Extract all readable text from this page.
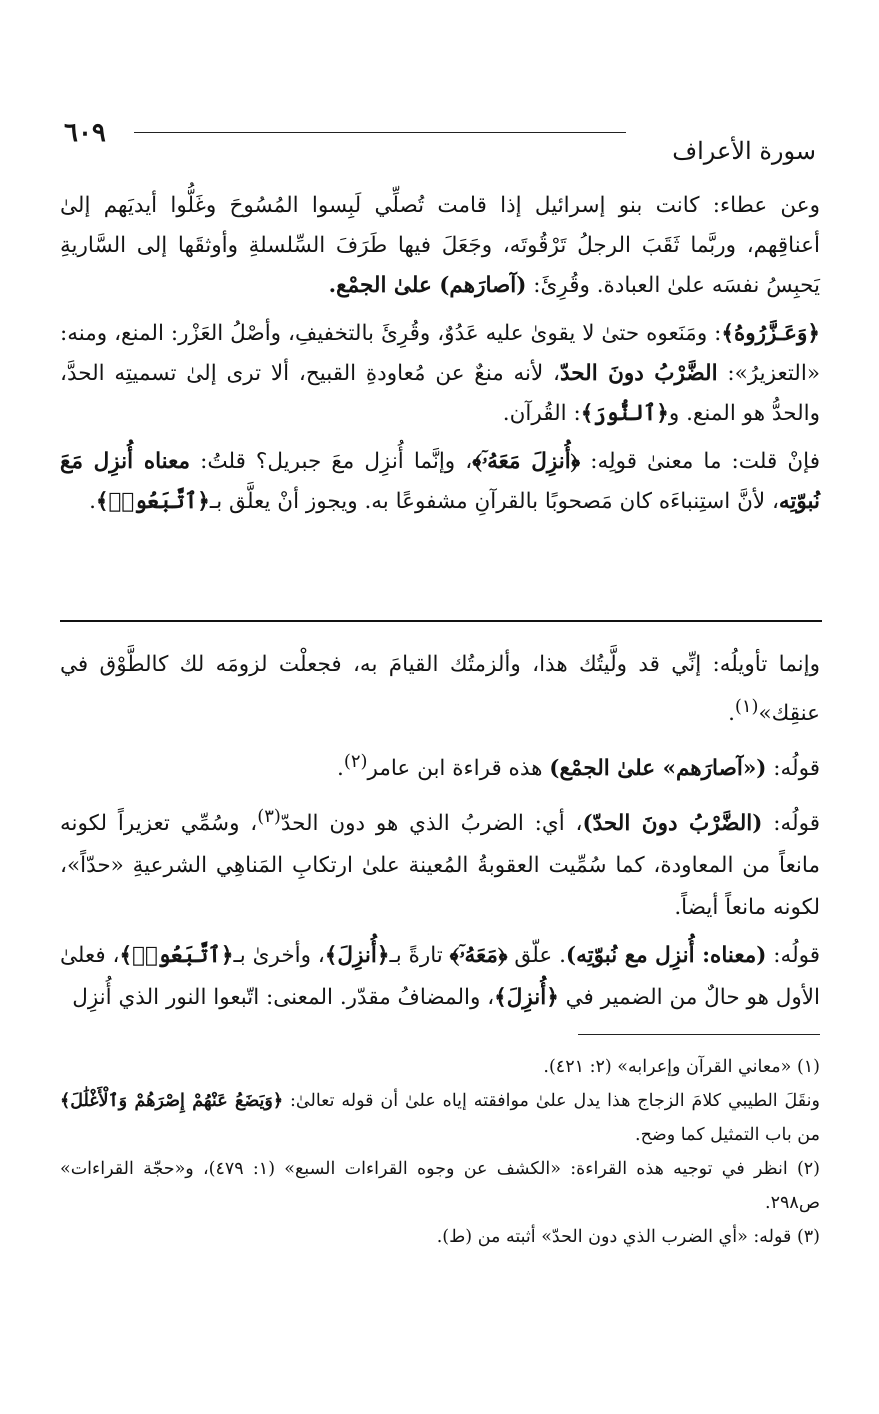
٦٠٩
سورة الأعراف

وعن عطاء: كانت بنو إسرائيل إذا قامت تُصلِّي لَبِسوا المُسُوحَ وغَلُّوا أيديَهم إلىٰ أعناقِهم، وربَّما ثَقَبَ الرجلُ تَرْقُوتَه، وجَعَلَ فيها طَرَفَ السِّلسلةِ وأوثقَها إلى السَّاريةِ يَحبِسُ نفسَه علىٰ العبادة. وقُرِئَ: (آصارَهم) علىٰ الجمْع.

﴿وَعَـزَّرُوهُ﴾: ومَنَعوه حتىٰ لا يقوىٰ عليه عَدُوٌ، وقُرِئَ بالتخفيفِ، وأصْلُ العَزْر: المنع، ومنه: «التعزيرُ»: الضَّرْبُ دونَ الحدّ، لأنه منعٌ عن مُعاودةِ القبيح، ألا ترى إلىٰ تسميتِه الحدَّ، والحدُّ هو المنع. و﴿ٱلنُّورَ﴾: القُرآن.

فإنْ قلت: ما معنىٰ قولِه: ﴿أُنزِلَ مَعَهُۥٓ﴾، وإنَّما أُنزِل معَ جبريل؟ قلتُ: معناه أُنزِل مَعَ نُبوّتِه، لأنَّ استِنباءَه كان مَصحوبًا بالقرآنِ مشفوعًا به. ويجوز أنْ يعلَّق بـ﴿ٱتَّبَعُوا۟﴾.

وإنما تأويلُه: إنِّي قد ولَّيتُك هذا، وألزمتُك القيامَ به، فجعلْت لزومَه لك كالطَّوْق في عنقِك»$^{(١)}$.

قولُه: («آصارَهم» علىٰ الجمْع) هذه قراءة ابن عامر$^{(٢)}$.

قولُه: (الضَّرْبُ دونَ الحدّ)، أي: الضربُ الذي هو دون الحدّ$^{(٣)}$، وسُمِّي تعزيراً لكونه مانعاً من المعاودة، كما سُمِّيت العقوبةُ المُعينة علىٰ ارتكابِ المَناهِي الشرعيةِ «حدّاً»، لكونه مانعاً أيضاً.

قولُه: (معناه: أُنزِل مع نُبوّتِه). علّق ﴿مَعَهُۥٓ﴾ تارةً بـ﴿أُنزِلَ﴾، وأخرىٰ بـ﴿ٱتَّبَعُوا۟﴾، فعلىٰ الأول هو حالٌ من الضمير في ﴿أُنزِلَ﴾، والمضافُ مقدّر. المعنى: اتّبعوا النور الذي أُنزِل

(١) «معاني القرآن وإعرابه» (٢: ٤٢١).

ونقَلَ الطيبي كلامَ الزجاج هذا يدل علىٰ موافقته إياه علىٰ أن قوله تعالىٰ: ﴿وَيَضَعُ عَنْهُمْ إِصْرَهُمْ وَٱلْأَغْلَٰلَ﴾ من باب التمثيل كما وضح.

(٢) انظر في توجيه هذه القراءة: «الكشف عن وجوه القراءات السبع» (١: ٤٧٩)، و«حجّة القراءات» ص٢٩٨.

(٣) قوله: «أي الضرب الذي دون الحدّ» أثبته من (ط).
